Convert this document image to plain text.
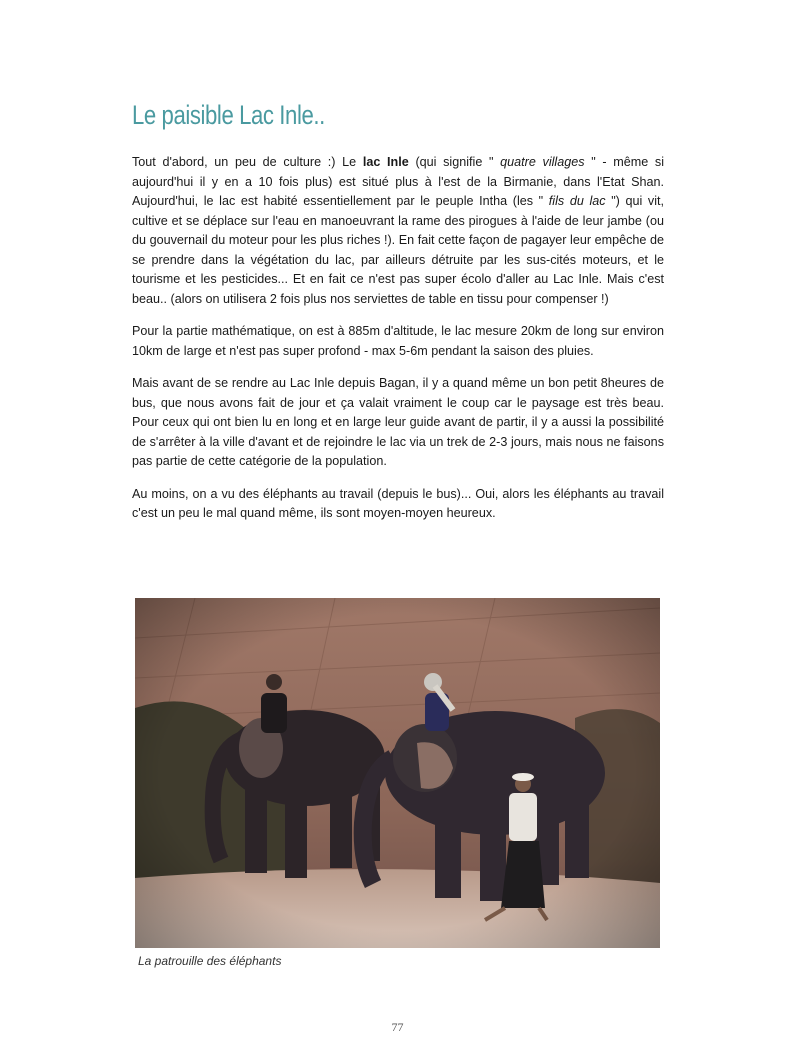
Le paisible Lac Inle..

Tout d'abord, un peu de culture :) Le lac Inle (qui signifie " quatre villages " - même si aujourd'hui il y en a 10 fois plus) est situé plus à l'est de la Birmanie, dans l'Etat Shan. Aujourd'hui, le lac est habité essentiellement par le peuple Intha (les " fils du lac ") qui vit, cultive et se déplace sur l'eau en manoeuvrant la rame des pirogues à l'aide de leur jambe (ou du gouvernail du moteur pour les plus riches !). En fait cette façon de pagayer leur empêche de se prendre dans la végétation du lac, par ailleurs détruite par les sus-cités moteurs, et le tourisme et les pesticides... Et en fait ce n'est pas super écolo d'aller au Lac Inle. Mais c'est beau.. (alors on utilisera 2 fois plus nos serviettes de table en tissu pour compenser !)

Pour la partie mathématique, on est à 885m d'altitude, le lac mesure 20km de long sur environ 10km de large et n'est pas super profond - max 5-6m pendant la saison des pluies.

Mais avant de se rendre au Lac Inle depuis Bagan, il y a quand même un bon petit 8heures de bus, que nous avons fait de jour et ça valait vraiment le coup car le paysage est très beau. Pour ceux qui ont bien lu en long et en large leur guide avant de partir, il y a aussi la possibilité de s'arrêter à la ville d'avant et de rejoindre le lac via un trek de 2-3 jours, mais nous ne faisons pas partie de cette catégorie de la population.

Au moins, on a vu des éléphants au travail (depuis le bus)... Oui, alors les éléphants au travail c'est un peu le mal quand même, ils sont moyen-moyen heureux.

La patrouille des éléphants
77
